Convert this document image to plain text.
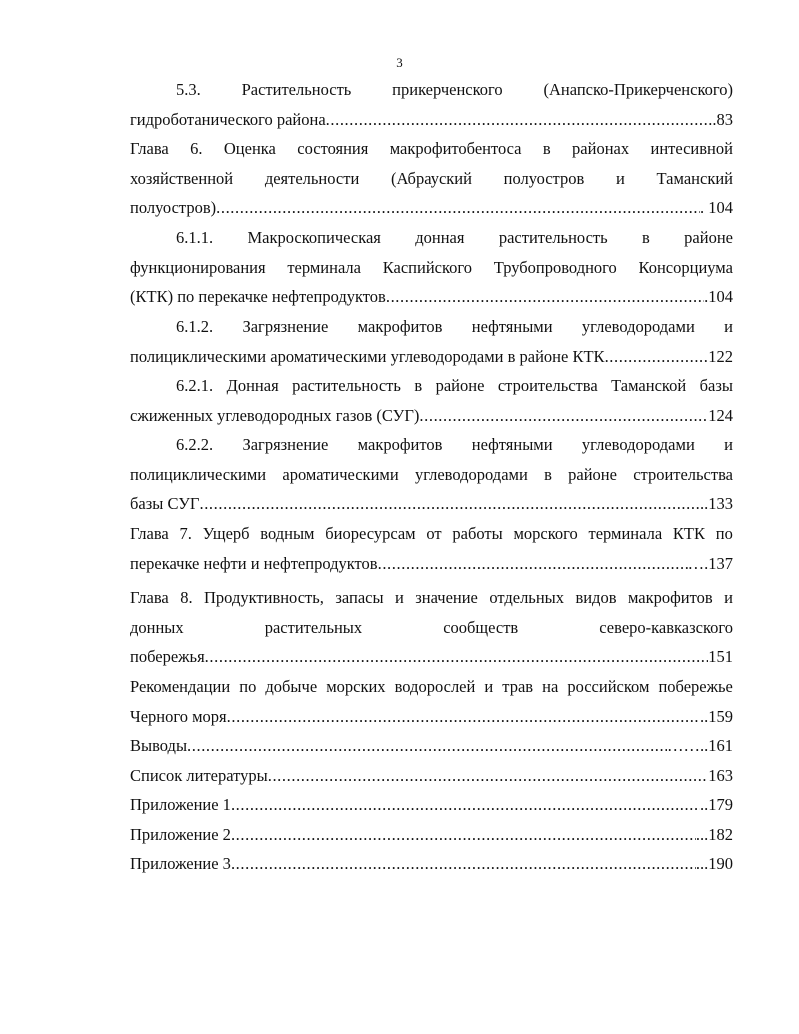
3
5.3. Растительность прикерченского (Анапско-Прикерченского)
гидроботанического района .....	..83
Глава 6. Оценка состояния макрофитобентоса в районах интесивной
хозяйственной деятельности (Абрауский полуостров и Таманский
полуостров) .....	. 104
6.1.1. Макроскопическая донная растительность в районе
функционирования терминала Каспийского Трубопроводного Консорциума
(КТК) по перекачке нефтепродуктов .....	.104
6.1.2. Загрязнение макрофитов нефтяными углеводородами и
полициклическими ароматическими углеводородами в районе КТК .....	122
6.2.1. Донная растительность в районе строительства Таманской базы
сжиженных углеводородных газов (СУГ) .....	124
6.2.2. Загрязнение макрофитов нефтяными углеводородами и
полициклическими ароматическими углеводородами в районе строительства
базы СУГ .....	..133
Глава 7. Ущерб водным биоресурсам от работы морского терминала КТК по
перекачке нефти и нефтепродуктов .....	….137
Глава 8. Продуктивность, запасы и значение отдельных видов макрофитов и
донных	растительных	сообществ	северо-кавказского
побережья .....	151
Рекомендации по добыче морских водорослей и трав на российском побережье
Черного моря .....	..159
Выводы .....	……..161
Список литературы .....	163
Приложение 1 .....	..179
Приложение 2 .....	...182
Приложение 3 .....	...190
